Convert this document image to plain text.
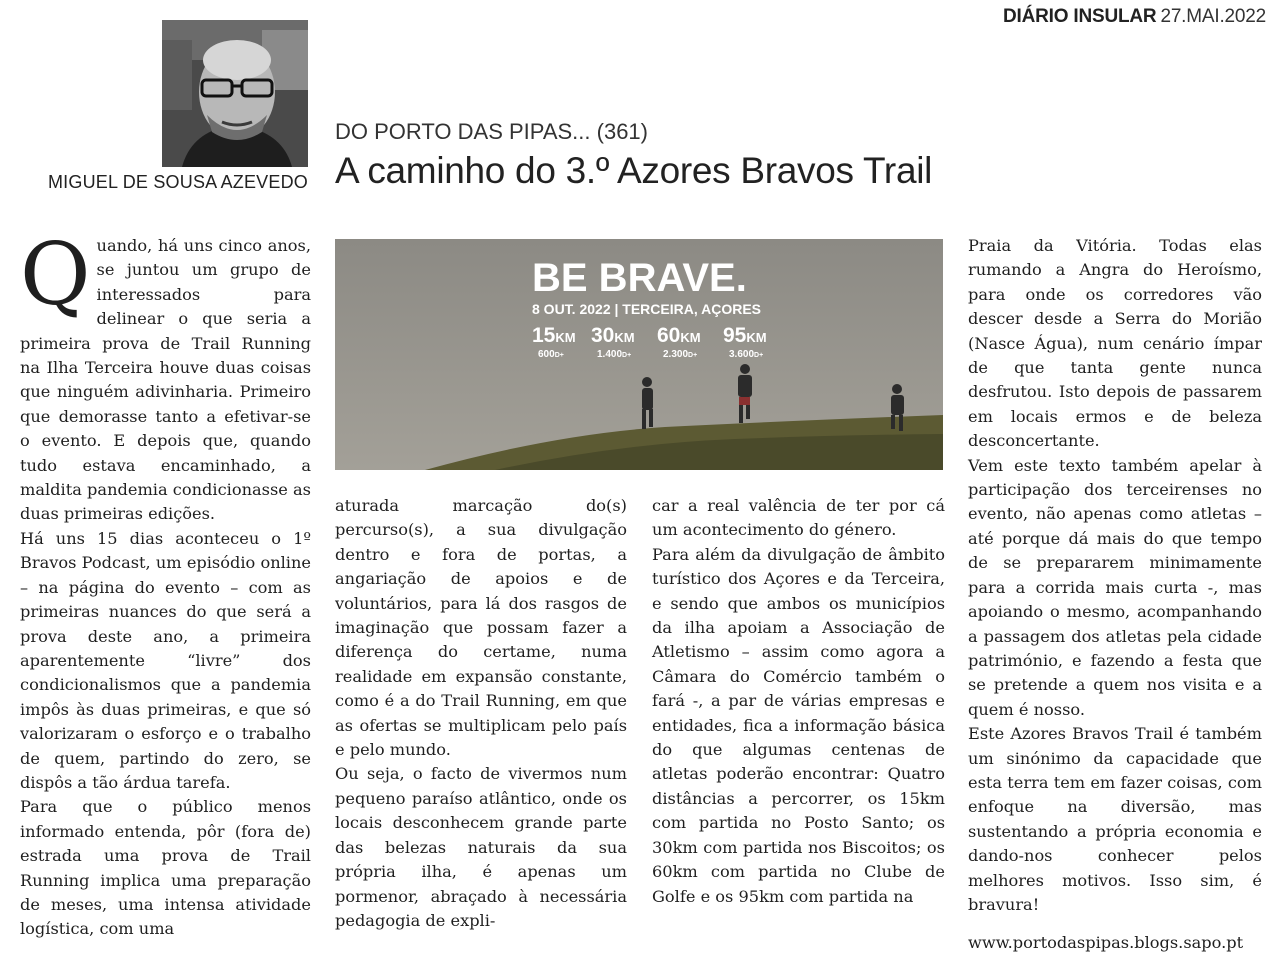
DIÁRIO INSULAR 27.MAI.2022
MIGUEL DE SOUSA AZEVEDO
DO PORTO DAS PIPAS... (361)
A caminho do 3.º Azores Bravos Trail
Q uando, há uns cinco anos, se juntou um grupo de interessados para delinear o que seria a primeira prova de Trail Running na Ilha Terceira houve duas coisas que ninguém adivinharia. Primeiro que demorasse tanto a efetivar-se o evento. E depois que, quando tudo estava encaminhado, a maldita pandemia condicionasse as duas primeiras edições.

Há uns 15 dias aconteceu o 1º Bravos Podcast, um episódio online – na página do evento – com as primeiras nuances do que será a prova deste ano, a primeira aparentemente “livre” dos condicionalismos que a pandemia impôs às duas primeiras, e que só valorizaram o esforço e o trabalho de quem, partindo do zero, se dispôs a tão árdua tarefa.

Para que o público menos informado entenda, pôr (fora de) estrada uma prova de Trail Running implica uma preparação de meses, uma intensa atividade logística, com uma

BE BRAVE.
8 OUT. 2022 | TERCEIRA, AÇORES
15KM
600D+
30KM
1.400D+
60KM
2.300D+
95KM
3.600D+

aturada marcação do(s) percurso(s), a sua divulgação dentro e fora de portas, a angariação de apoios e de voluntários, para lá dos rasgos de imaginação que possam fazer a diferença do certame, numa realidade em expansão constante, como é a do Trail Running, em que as ofertas se multiplicam pelo país e pelo mundo.

Ou seja, o facto de vivermos num pequeno paraíso atlântico, onde os locais desconhecem grande parte das belezas naturais da sua própria ilha, é apenas um pormenor, abraçado à necessária pedagogia de expli-

car a real valência de ter por cá um acontecimento do género.

Para além da divulgação de âmbito turístico dos Açores e da Terceira, e sendo que ambos os municípios da ilha apoiam a Associação de Atletismo – assim como agora a Câmara do Comércio também o fará -, a par de várias empresas e entidades, fica a informação básica do que algumas centenas de atletas poderão encontrar: Quatro distâncias a percorrer, os 15km com partida no Posto Santo; os 30km com partida nos Biscoitos; os 60km com partida no Clube de Golfe e os 95km com partida na

Praia da Vitória. Todas elas rumando a Angra do Heroísmo, para onde os corredores vão descer desde a Serra do Morião (Nasce Água), num cenário ímpar de que tanta gente nunca desfrutou. Isto depois de passarem em locais ermos e de beleza desconcertante.

Vem este texto também apelar à participação dos terceirenses no evento, não apenas como atletas – até porque dá mais do que tempo de se prepararem minimamente para a corrida mais curta -, mas apoiando o mesmo, acompanhando a passagem dos atletas pela cidade património, e fazendo a festa que se pretende a quem nos visita e a quem é nosso.

Este Azores Bravos Trail é também um sinónimo da capacidade que esta terra tem em fazer coisas, com enfoque na diversão, mas sustentando a própria economia e dando-nos conhecer pelos melhores motivos. Isso sim, é bravura!

www.portodaspipas.blogs.sapo.pt
